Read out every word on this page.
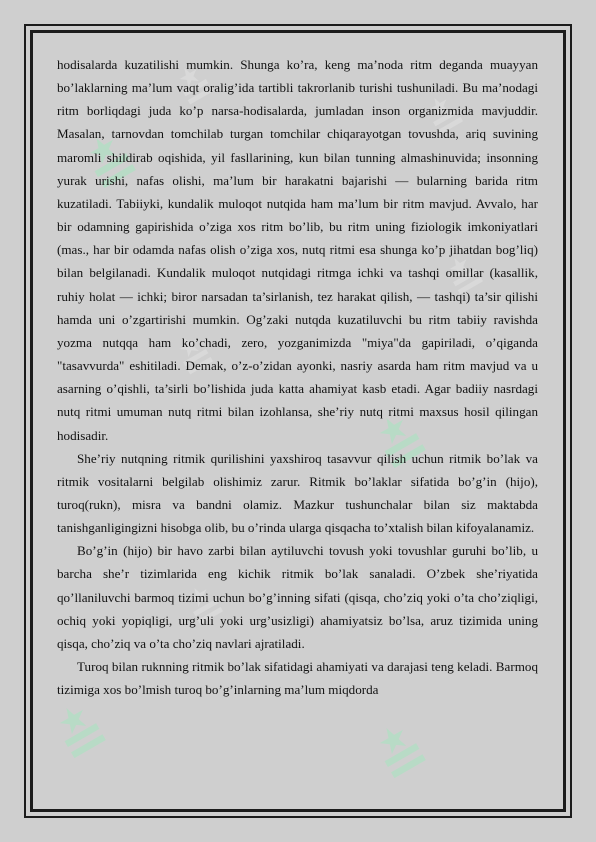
≛
≛
≛	≛
≛	≛
≛
≛
≛

hodisalarda kuzatilishi mumkin. Shunga ko’ra, keng ma’noda ritm deganda muayyan bo’laklarning ma’lum vaqt oralig’ida tartibli takrorlanib turishi tushuniladi. Bu ma’nodagi ritm borliqdagi juda ko’p narsa-hodisalarda, jumladan inson organizmida mavjuddir. Masalan, tarnovdan tomchilab turgan tomchilar chiqarayotgan tovushda, ariq suvining maromli shildirab oqishida, yil fasllarining, kun bilan tunning almashinuvida; insonning yurak urishi, nafas olishi, ma’lum bir harakatni bajarishi — bularning barida ritm kuzatiladi. Tabiiyki, kundalik muloqot nutqida ham ma’lum bir ritm mavjud. Avvalo, har bir odamning gapirishida o’ziga xos ritm bo’lib, bu ritm uning fiziologik imkoniyatlari (mas., har bir odamda nafas olish o’ziga xos, nutq ritmi esa shunga ko’p jihatdan bog’liq) bilan belgilanadi. Kundalik muloqot nutqidagi ritmga ichki va tashqi omillar (kasallik, ruhiy holat — ichki; biror narsadan ta’sirlanish, tez harakat qilish, — tashqi) ta’sir qilishi hamda uni o’zgartirishi mumkin. Og’zaki nutqda kuzatiluvchi bu ritm tabiiy ravishda yozma nutqqa ham ko’chadi, zero, yozganimizda "miya"da gapiriladi, o’qiganda "tasavvurda" eshitiladi. Demak, o’z-o’zidan ayonki, nasriy asarda ham ritm mavjud va u asarning o’qishli, ta’sirli bo’lishida juda katta ahamiyat kasb etadi. Agar badiiy nasrdagi nutq ritmi umuman nutq ritmi bilan izohlansa, she’riy nutq ritmi maxsus hosil qilingan hodisadir.

She’riy nutqning ritmik qurilishini yaxshiroq tasavvur qilish uchun ritmik bo’lak va ritmik vositalarni belgilab olishimiz zarur. Ritmik bo’laklar sifatida bo’g’in (hijo), turoq(rukn), misra va bandni olamiz. Mazkur tushunchalar bilan siz maktabda tanishganligingizni hisobga olib, bu o’rinda ularga qisqacha to’xtalish bilan kifoyalanamiz.

Bo’g’in (hijo) bir havo zarbi bilan aytiluvchi tovush yoki tovushlar guruhi bo’lib, u barcha she’r tizimlarida eng kichik ritmik bo’lak sanaladi. O’zbek she’riyatida qo’llaniluvchi barmoq tizimi uchun bo’g’inning sifati (qisqa, cho’ziq yoki o’ta cho’ziqligi, ochiq yoki yopiqligi, urg’uli yoki urg’usizligi) ahamiyatsiz bo’lsa, aruz tizimida uning qisqa, cho’ziq va o’ta cho’ziq navlari ajratiladi.

Turoq bilan ruknning ritmik bo’lak sifatidagi ahamiyati va darajasi teng keladi. Barmoq tizimiga xos bo’lmish turoq bo’g’inlarning ma’lum miqdorda
